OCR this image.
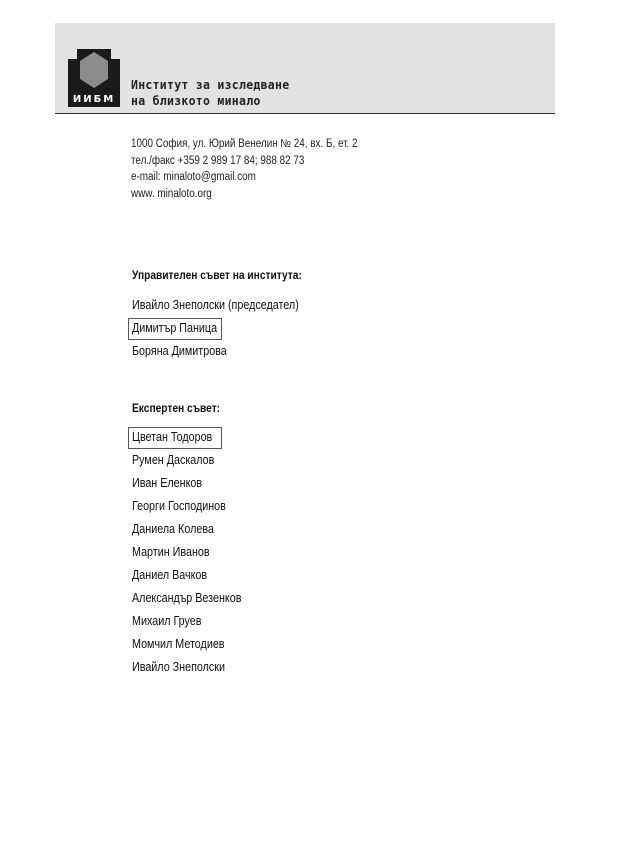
ИИБМ
Институт за изследване
на близкото минало
1000 София, ул. Юрий Венелин № 24, вх. Б, ет. 2
тел./факс +359 2 989 17 84; 988 82 73
e-mail: minaloto@gmail.com
www. minaloto.org
Управителен съвет на института:
Ивайло Знеполски (председател)
Димитър Паница
Боряна Димитрова
Експертен съвет:
Цветан Тодоров
Румен Даскалов
Иван Еленков
Георги Господинов
Даниела Колева
Мартин Иванов
Даниел Вачков
Александър Везенков
Михаил Груев
Момчил Методиев
Ивайло Знеполски
